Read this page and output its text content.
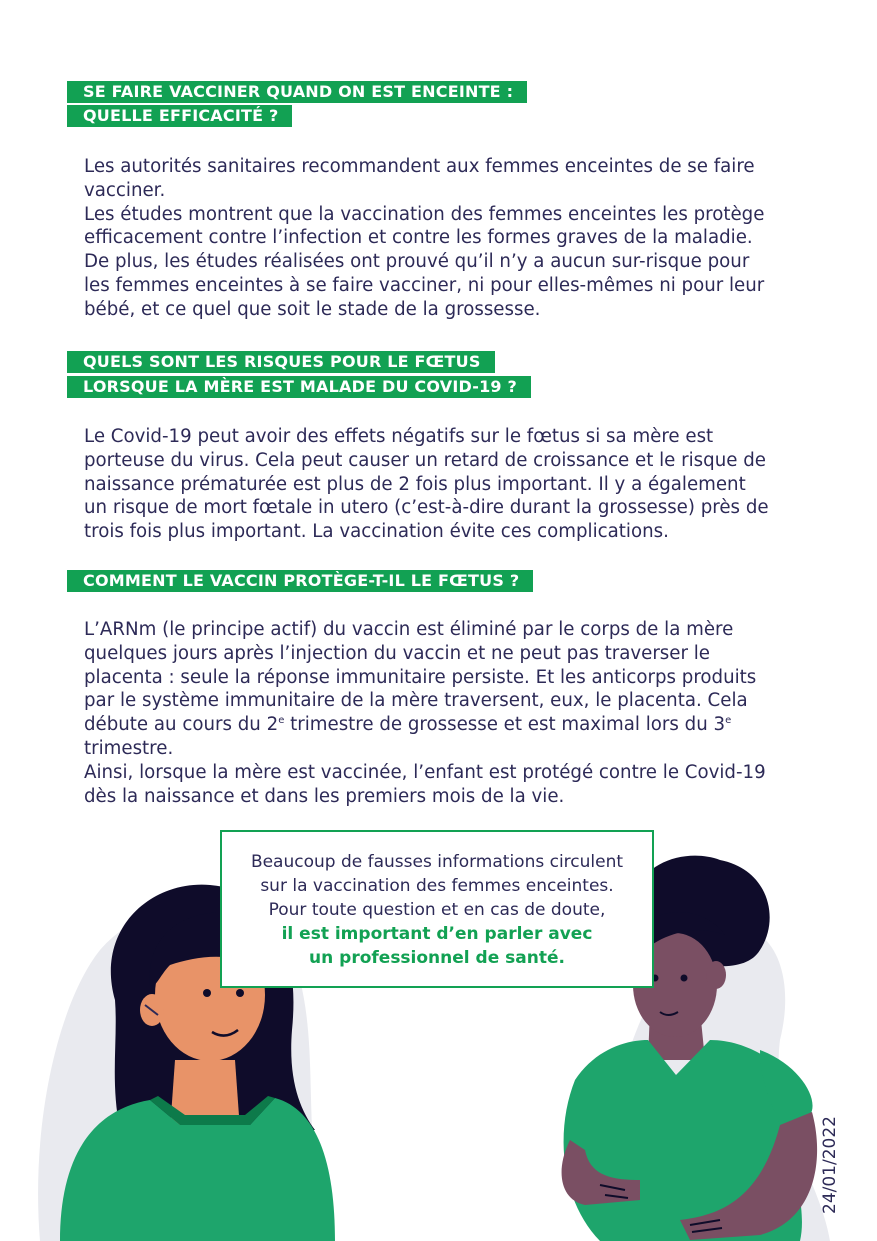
SE FAIRE VACCINER QUAND ON EST ENCEINTE :
QUELLE EFFICACITÉ ?
Les autorités sanitaires recommandent aux femmes enceintes de se faire
vacciner.
Les études montrent que la vaccination des femmes enceintes les protège
efficacement contre l’infection et contre les formes graves de la maladie.
De plus, les études réalisées ont prouvé qu’il n’y a aucun sur-risque pour
les femmes enceintes à se faire vacciner, ni pour elles-mêmes ni pour leur
bébé, et ce quel que soit le stade de la grossesse.
QUELS SONT LES RISQUES POUR LE FŒTUS
LORSQUE LA MÈRE EST MALADE DU COVID-19 ?
Le Covid-19 peut avoir des effets négatifs sur le fœtus si sa mère est
porteuse du virus. Cela peut causer un retard de croissance et le risque de
naissance prématurée est plus de 2 fois plus important. Il y a également
un risque de mort fœtale in utero (c’est-à-dire durant la grossesse) près de
trois fois plus important. La vaccination évite ces complications.
COMMENT LE VACCIN PROTÈGE-T-IL LE FŒTUS ?
L’ARNm (le principe actif) du vaccin est éliminé par le corps de la mère
quelques jours après l’injection du vaccin et ne peut pas traverser le
placenta : seule la réponse immunitaire persiste. Et les anticorps produits
par le système immunitaire de la mère traversent, eux, le placenta. Cela
débute au cours du 2e trimestre de grossesse et est maximal lors du 3e
trimestre.
Ainsi, lorsque la mère est vaccinée, l’enfant est protégé contre le Covid-19
dès la naissance et dans les premiers mois de la vie.
Beaucoup de fausses informations circulent
sur la vaccination des femmes enceintes.
Pour toute question et en cas de doute,
il est important d’en parler avec
un professionnel de santé.
24/01/2022
